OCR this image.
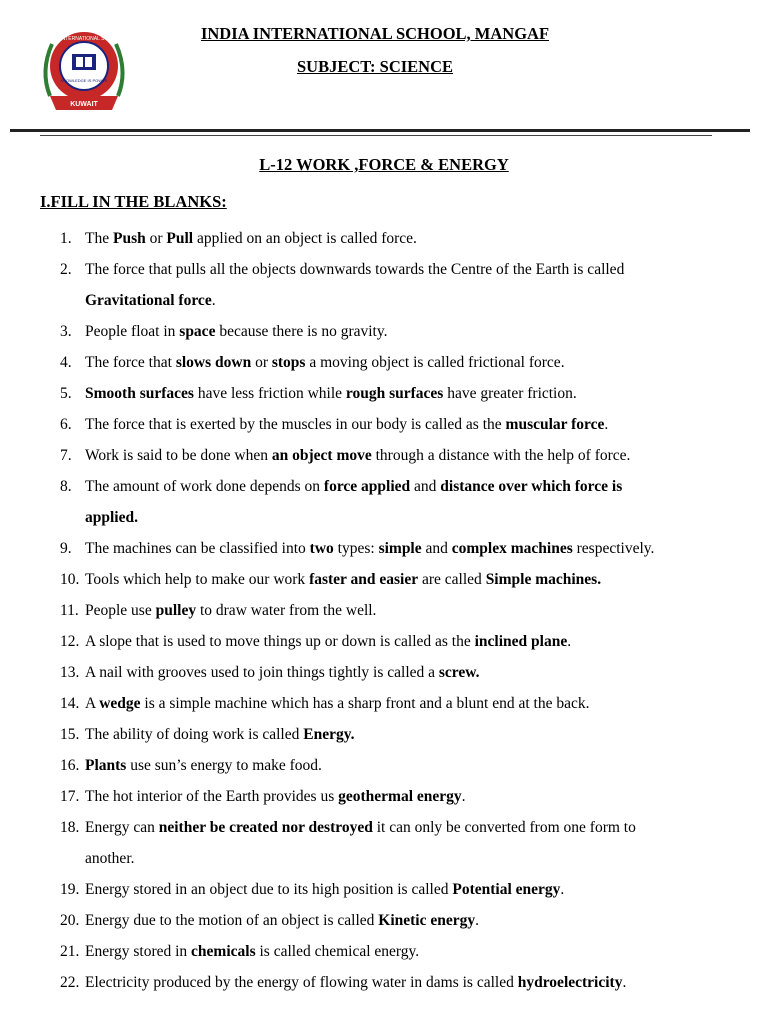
KNOWLEDGE IS POWER
INDIA INTERNATIONAL SCHOOL
KUWAIT
INDIA INTERNATIONAL SCHOOL, MANGAF
SUBJECT: SCIENCE
L-12 WORK ,FORCE & ENERGY
I.FILL IN THE BLANKS:
1. The Push or Pull applied on an object is called force.
2. The force that pulls all the objects downwards towards the Centre of the Earth is called
Gravitational force.
3. People float in space because there is no gravity.
4. The force that slows down or stops a moving object is called frictional force.
5. Smooth surfaces have less friction while rough surfaces have greater friction.
6. The force that is exerted by the muscles in our body is called as the muscular force.
7. Work is said to be done when an object move through a distance with the help of force.
8. The amount of work done depends on force applied and distance over which force is
applied.
9. The machines can be classified into two types: simple and complex machines respectively.
10. Tools which help to make our work faster and easier are called Simple machines.
11. People use pulley to draw water from the well.
12. A slope that is used to move things up or down is called as the inclined plane.
13. A nail with grooves used to join things tightly is called a screw.
14. A wedge is a simple machine which has a sharp front and a blunt end at the back.
15. The ability of doing work is called Energy.
16. Plants use sun’s energy to make food.
17. The hot interior of the Earth provides us geothermal energy.
18. Energy can neither be created nor destroyed it can only be converted from one form to
another.
19. Energy stored in an object due to its high position is called Potential energy.
20. Energy due to the motion of an object is called Kinetic energy.
21. Energy stored in chemicals is called chemical energy.
22. Electricity produced by the energy of flowing water in dams is called hydroelectricity.
